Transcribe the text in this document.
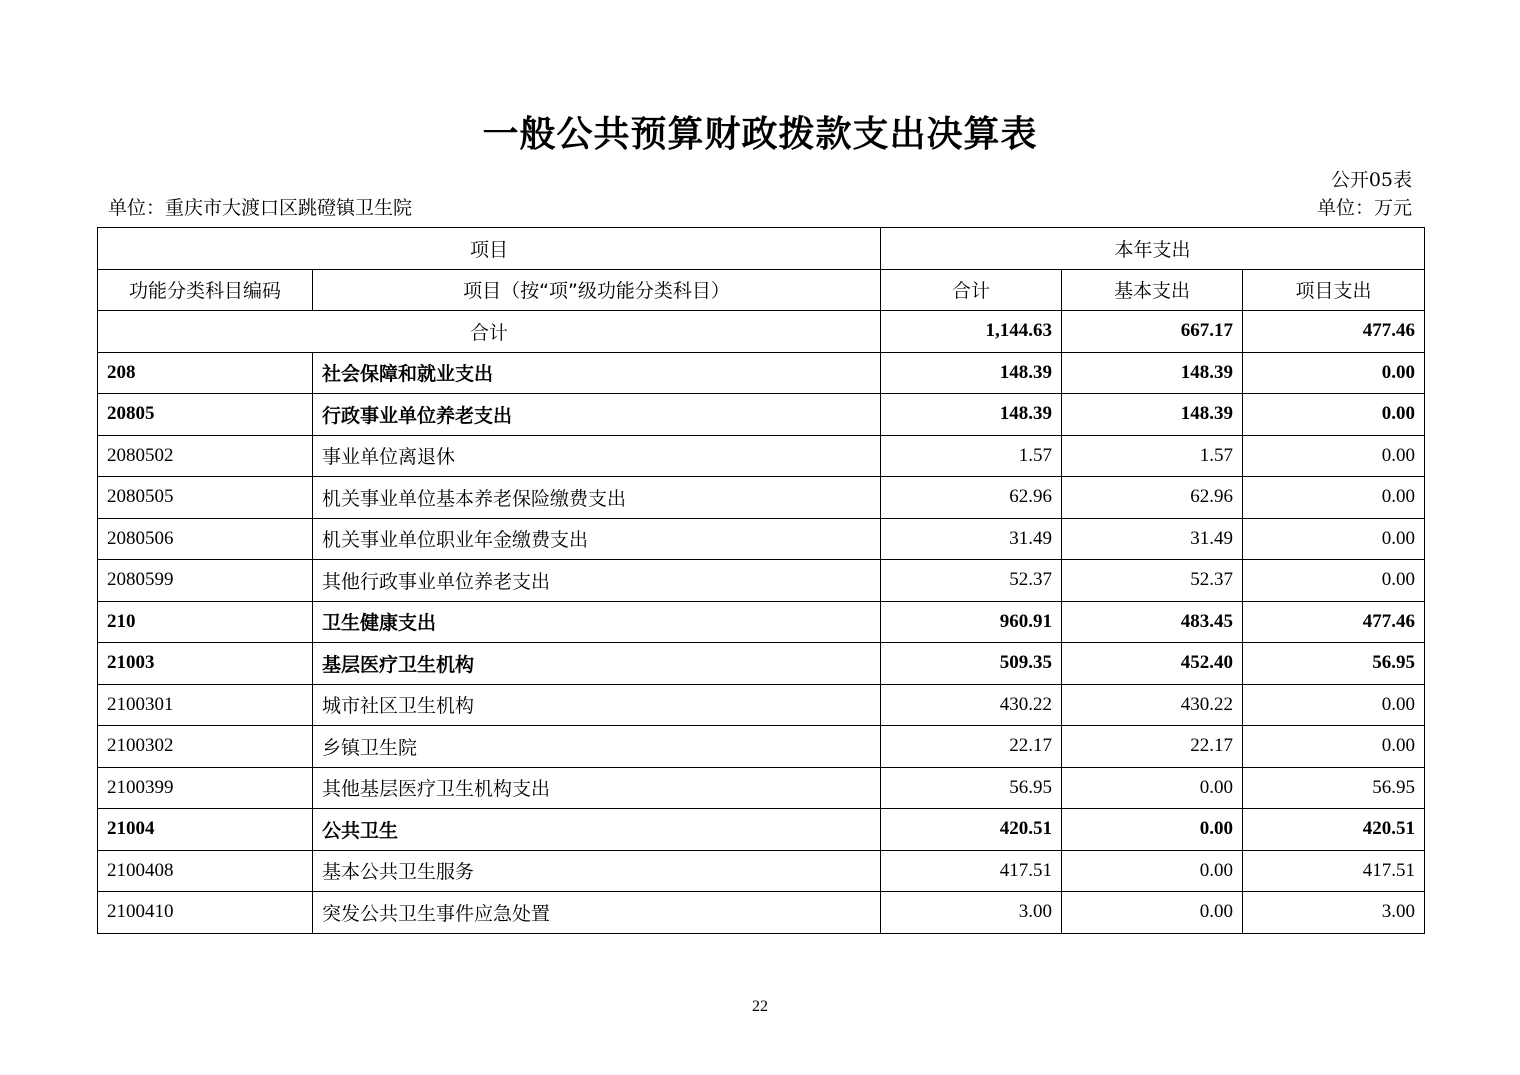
一般公共预算财政拨款支出决算表
公开05表
单位：重庆市大渡口区跳磴镇卫生院	单位：万元
项目		本年支出		
功能分类科目编码	项目（按“项”级功能分类科目）	合计	基本支出	项目支出
合计		1,144.63	667.17	477.46
208	社会保障和就业支出	148.39	148.39	0.00
20805	行政事业单位养老支出	148.39	148.39	0.00
2080502	事业单位离退休	1.57	1.57	0.00
2080505	机关事业单位基本养老保险缴费支出	62.96	62.96	0.00
2080506	机关事业单位职业年金缴费支出	31.49	31.49	0.00
2080599	其他行政事业单位养老支出	52.37	52.37	0.00
210	卫生健康支出	960.91	483.45	477.46
21003	基层医疗卫生机构	509.35	452.40	56.95
2100301	城市社区卫生机构	430.22	430.22	0.00
2100302	乡镇卫生院	22.17	22.17	0.00
2100399	其他基层医疗卫生机构支出	56.95	0.00	56.95
21004	公共卫生	420.51	0.00	420.51
2100408	基本公共卫生服务	417.51	0.00	417.51
2100410	突发公共卫生事件应急处置	3.00	0.00	3.00
22
